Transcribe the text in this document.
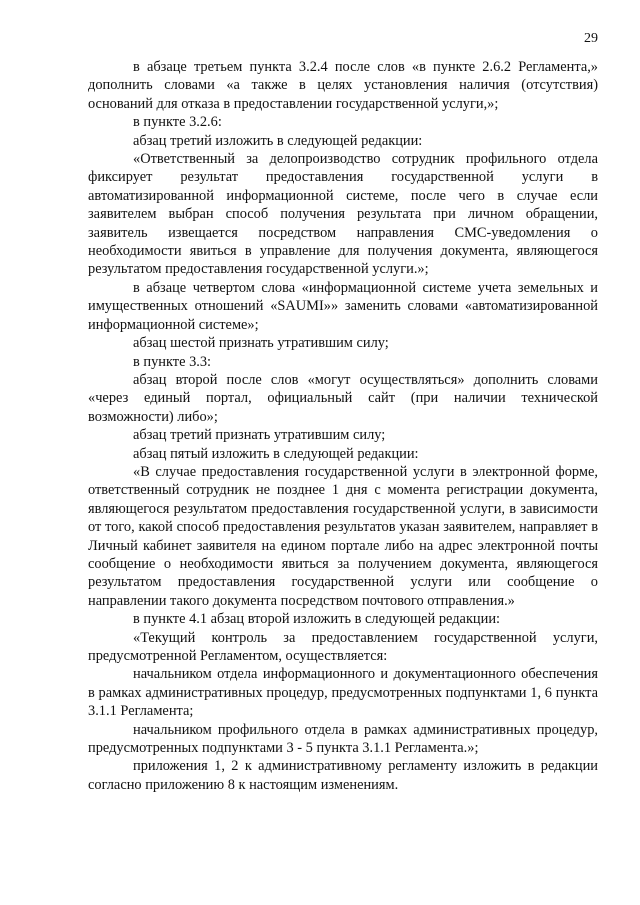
29

в абзаце третьем пункта 3.2.4 после слов «в пункте 2.6.2 Регламента,» дополнить словами «а также в целях установления наличия (отсутствия) оснований для отказа в предоставлении государственной услуги,»;

в пункте 3.2.6:

абзац третий изложить в следующей редакции:

«Ответственный за делопроизводство сотрудник профильного отдела фиксирует результат предоставления государственной услуги в автоматизированной информационной системе, после чего в случае если заявителем выбран способ получения результата при личном обращении, заявитель извещается посредством направления СМС-уведомления о необходимости явиться в управление для получения документа, являющегося результатом предоставления государственной услуги.»;

в абзаце четвертом слова «информационной системе учета земельных и имущественных отношений «SAUMI»» заменить словами «автоматизированной информационной системе»;

абзац шестой признать утратившим силу;

в пункте 3.3:

абзац второй после слов «могут осуществляться» дополнить словами «через единый портал, официальный сайт (при наличии технической возможности) либо»;

абзац третий признать утратившим силу;

абзац пятый изложить в следующей редакции:

«В случае предоставления государственной услуги в электронной форме, ответственный сотрудник не позднее 1 дня с момента регистрации документа, являющегося результатом предоставления государственной услуги, в зависимости от того, какой способ предоставления результатов указан заявителем, направляет в Личный кабинет заявителя на едином портале либо на адрес электронной почты сообщение о необходимости явиться за получением документа, являющегося результатом предоставления государственной услуги или сообщение о направлении такого документа посредством почтового отправления.»

в пункте 4.1 абзац второй изложить в следующей редакции:

«Текущий контроль за предоставлением государственной услуги, предусмотренной Регламентом, осуществляется:

начальником отдела информационного и документационного обеспечения в рамках административных процедур, предусмотренных подпунктами 1, 6 пункта 3.1.1 Регламента;

начальником профильного отдела в рамках административных процедур, предусмотренных подпунктами 3 - 5 пункта 3.1.1 Регламента.»;

приложения 1, 2 к административному регламенту изложить в редакции согласно приложению 8 к настоящим изменениям.
